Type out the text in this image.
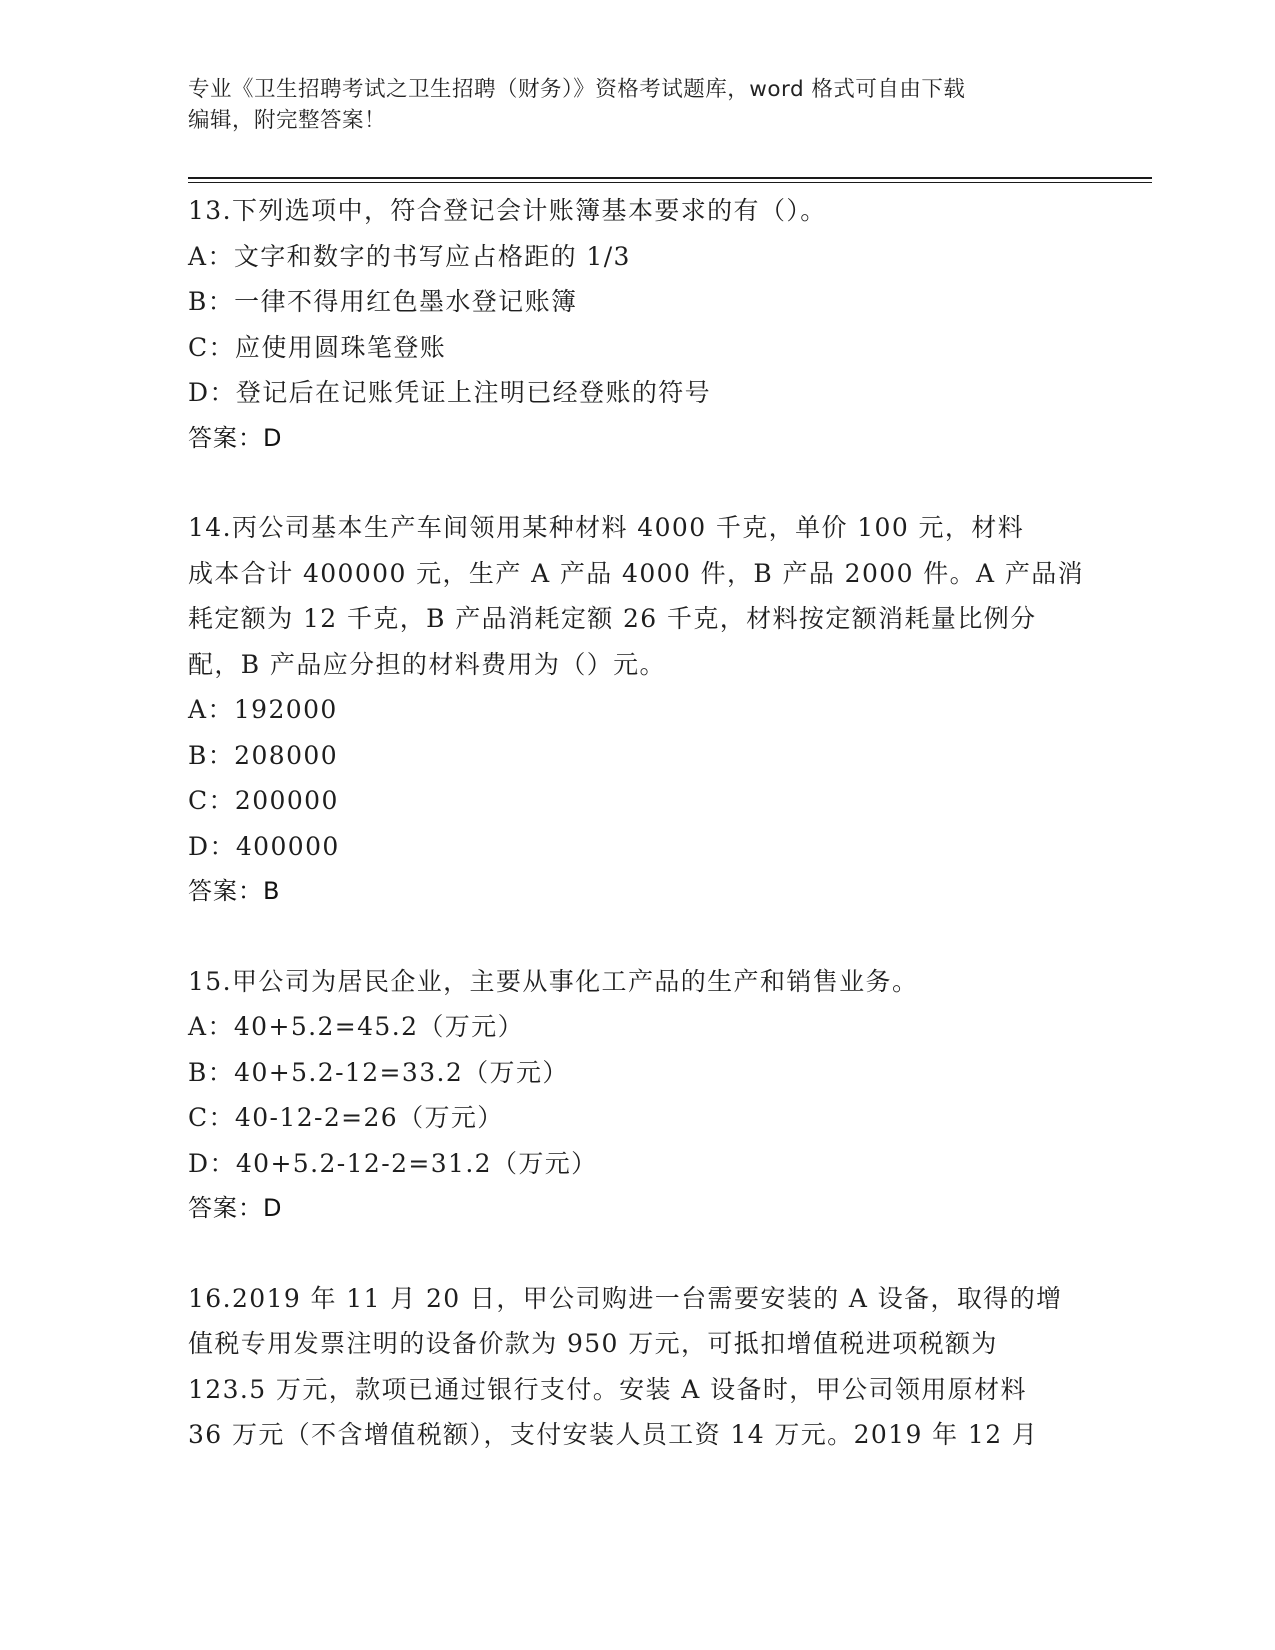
专业《卫生招聘考试之卫生招聘（财务）》资格考试题库，word 格式可自由下载
编辑，附完整答案！
13.下列选项中，符合登记会计账簿基本要求的有（）。
A：文字和数字的书写应占格距的 1/3
B：一律不得用红色墨水登记账簿
C：应使用圆珠笔登账
D：登记后在记账凭证上注明已经登账的符号
答案：D
14.丙公司基本生产车间领用某种材料 4000 千克，单价 100 元，材料
成本合计 400000 元，生产 A 产品 4000 件，B 产品 2000 件。A 产品消
耗定额为 12 千克，B 产品消耗定额 26 千克，材料按定额消耗量比例分
配，B 产品应分担的材料费用为（）元。
A：192000
B：208000
C：200000
D：400000
答案：B
15.甲公司为居民企业，主要从事化工产品的生产和销售业务。
A：40+5.2=45.2（万元）
B：40+5.2-12=33.2（万元）
C：40-12-2=26（万元）
D：40+5.2-12-2=31.2（万元）
答案：D
16.2019 年 11 月 20 日，甲公司购进一台需要安装的 A 设备，取得的增
值税专用发票注明的设备价款为 950 万元，可抵扣增值税进项税额为
123.5 万元，款项已通过银行支付。安装 A 设备时，甲公司领用原材料
36 万元（不含增值税额），支付安装人员工资 14 万元。2019 年 12 月
